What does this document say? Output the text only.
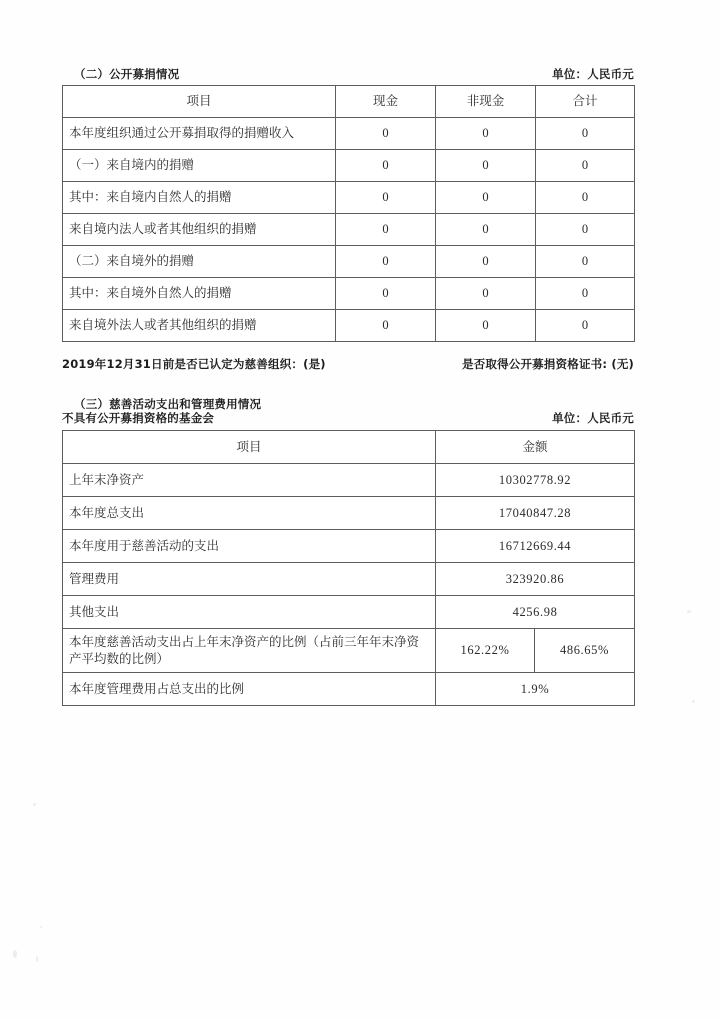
（二）公开募捐情况	单位：人民币元
项目	现金	非现金	合计
本年度组织通过公开募捐取得的捐赠收入	0	0	0
（一）来自境内的捐赠	0	0	0
其中：来自境内自然人的捐赠	0	0	0
来自境内法人或者其他组织的捐赠	0	0	0
（二）来自境外的捐赠	0	0	0
其中：来自境外自然人的捐赠	0	0	0
来自境外法人或者其他组织的捐赠	0	0	0
2019年12月31日前是否已认定为慈善组织：(是)	是否取得公开募捐资格证书: (无)
（三）慈善活动支出和管理费用情况
不具有公开募捐资格的基金会	单位：人民币元
项目	金额	
上年末净资产	10302778.92	
本年度总支出	17040847.28	
本年度用于慈善活动的支出	16712669.44	
管理费用	323920.86	
其他支出	4256.98	
本年度慈善活动支出占上年末净资产的比例（占前三年年末净资产平均数的比例）	162.22%	486.65%
本年度管理费用占总支出的比例	1.9%	
